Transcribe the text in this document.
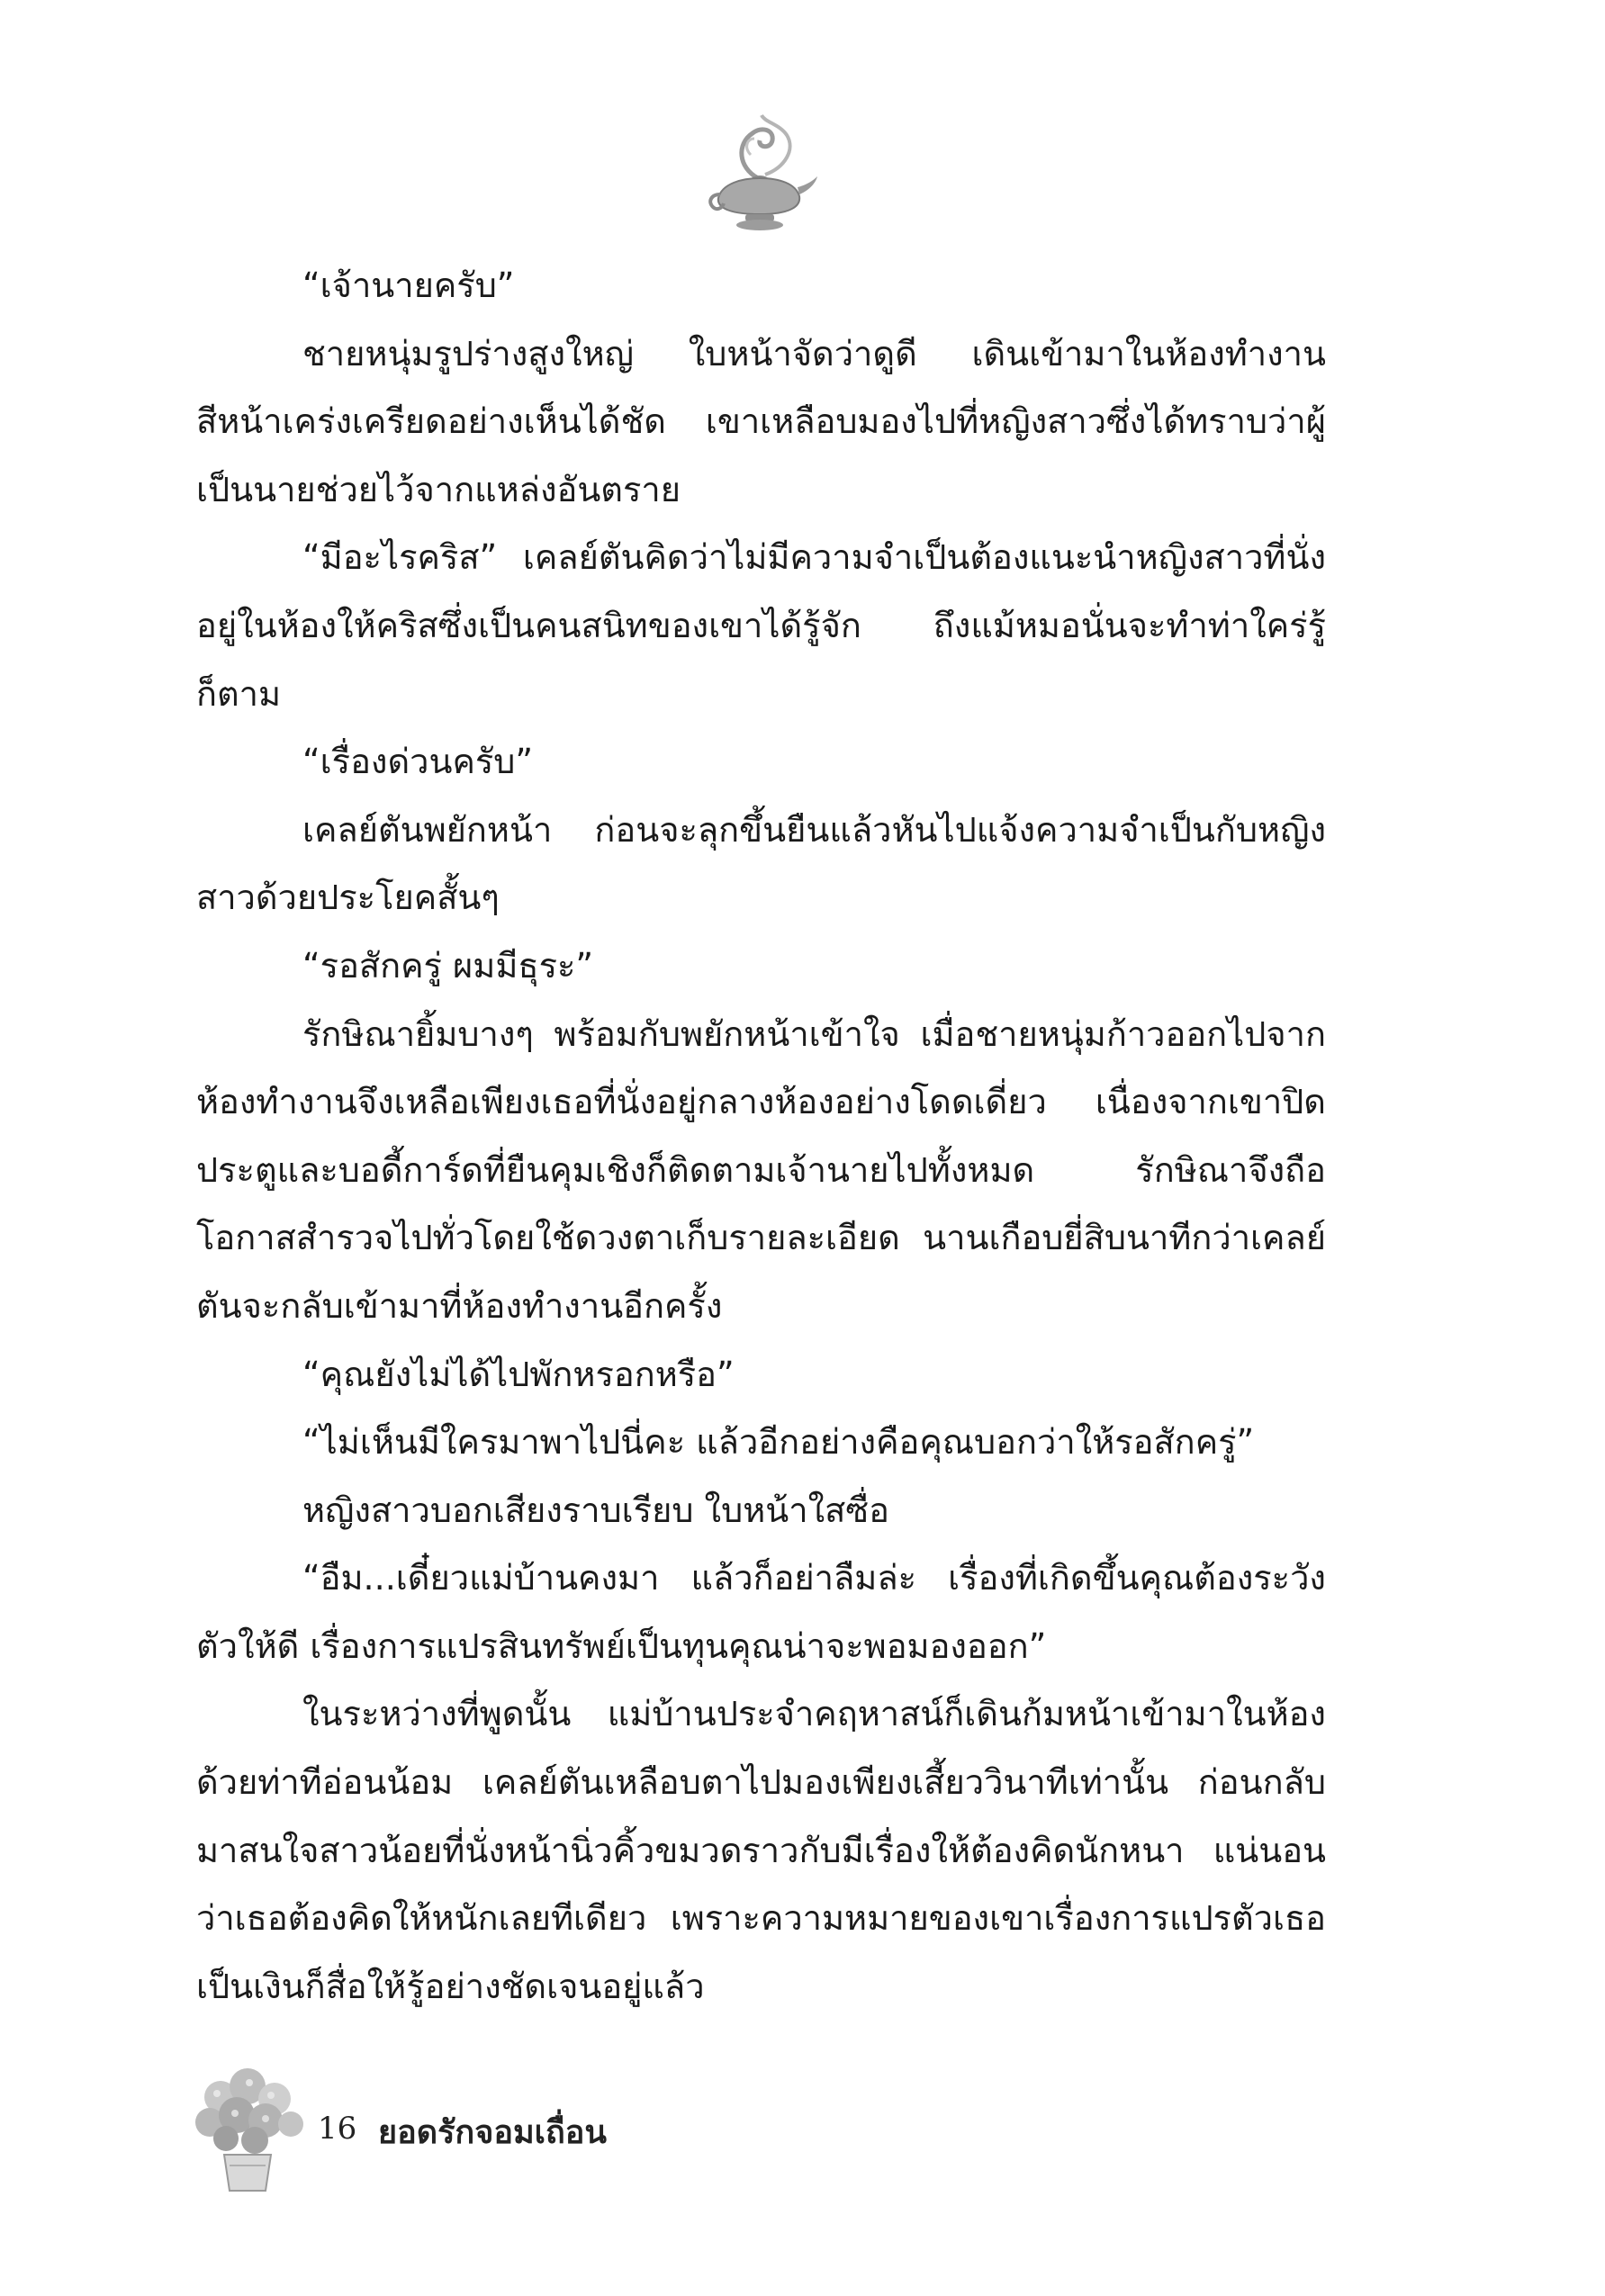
“เจ้านายครับ”

ชายหนุ่มรูปร่างสูงใหญ่ ใบหน้าจัดว่าดูดี เดินเข้ามาในห้องทำงาน สีหน้าเคร่งเครียดอย่างเห็นได้ชัด เขาเหลือบมองไปที่หญิงสาวซึ่งได้ทราบว่าผู้เป็นนายช่วยไว้จากแหล่งอันตราย

“มีอะไรคริส” เคลย์ตันคิดว่าไม่มีความจำเป็นต้องแนะนำหญิงสาวที่นั่งอยู่ในห้องให้คริสซึ่งเป็นคนสนิทของเขาได้รู้จัก ถึงแม้หมอนั่นจะทำท่าใคร่รู้ก็ตาม

“เรื่องด่วนครับ”

เคลย์ตันพยักหน้า ก่อนจะลุกขึ้นยืนแล้วหันไปแจ้งความจำเป็นกับหญิงสาวด้วยประโยคสั้นๆ

“รอสักครู่ ผมมีธุระ”

รักษิณายิ้มบางๆ พร้อมกับพยักหน้าเข้าใจ เมื่อชายหนุ่มก้าวออกไปจากห้องทำงานจึงเหลือเพียงเธอที่นั่งอยู่กลางห้องอย่างโดดเดี่ยว เนื่องจากเขาปิดประตูและบอดี้การ์ดที่ยืนคุมเชิงก็ติดตามเจ้านายไปทั้งหมด รักษิณาจึงถือโอกาสสำรวจไปทั่วโดยใช้ดวงตาเก็บรายละเอียด นานเกือบยี่สิบนาทีกว่าเคลย์ตันจะกลับเข้ามาที่ห้องทำงานอีกครั้ง

“คุณยังไม่ได้ไปพักหรอกหรือ”

“ไม่เห็นมีใครมาพาไปนี่คะ แล้วอีกอย่างคือคุณบอกว่าให้รอสักครู่”

หญิงสาวบอกเสียงราบเรียบ ใบหน้าใสซื่อ

“อืม...เดี๋ยวแม่บ้านคงมา แล้วก็อย่าลืมล่ะ เรื่องที่เกิดขึ้นคุณต้องระวังตัวให้ดี เรื่องการแปรสินทรัพย์เป็นทุนคุณน่าจะพอมองออก”

ในระหว่างที่พูดนั้น แม่บ้านประจำคฤหาสน์ก็เดินก้มหน้าเข้ามาในห้องด้วยท่าทีอ่อนน้อม เคลย์ตันเหลือบตาไปมองเพียงเสี้ยววินาทีเท่านั้น ก่อนกลับมาสนใจสาวน้อยที่นั่งหน้านิ่วคิ้วขมวดราวกับมีเรื่องให้ต้องคิดนักหนา แน่นอนว่าเธอต้องคิดให้หนักเลยทีเดียว เพราะความหมายของเขาเรื่องการแปรตัวเธอเป็นเงินก็สื่อให้รู้อย่างชัดเจนอยู่แล้ว

16 ยอดรักจอมเถื่อน
